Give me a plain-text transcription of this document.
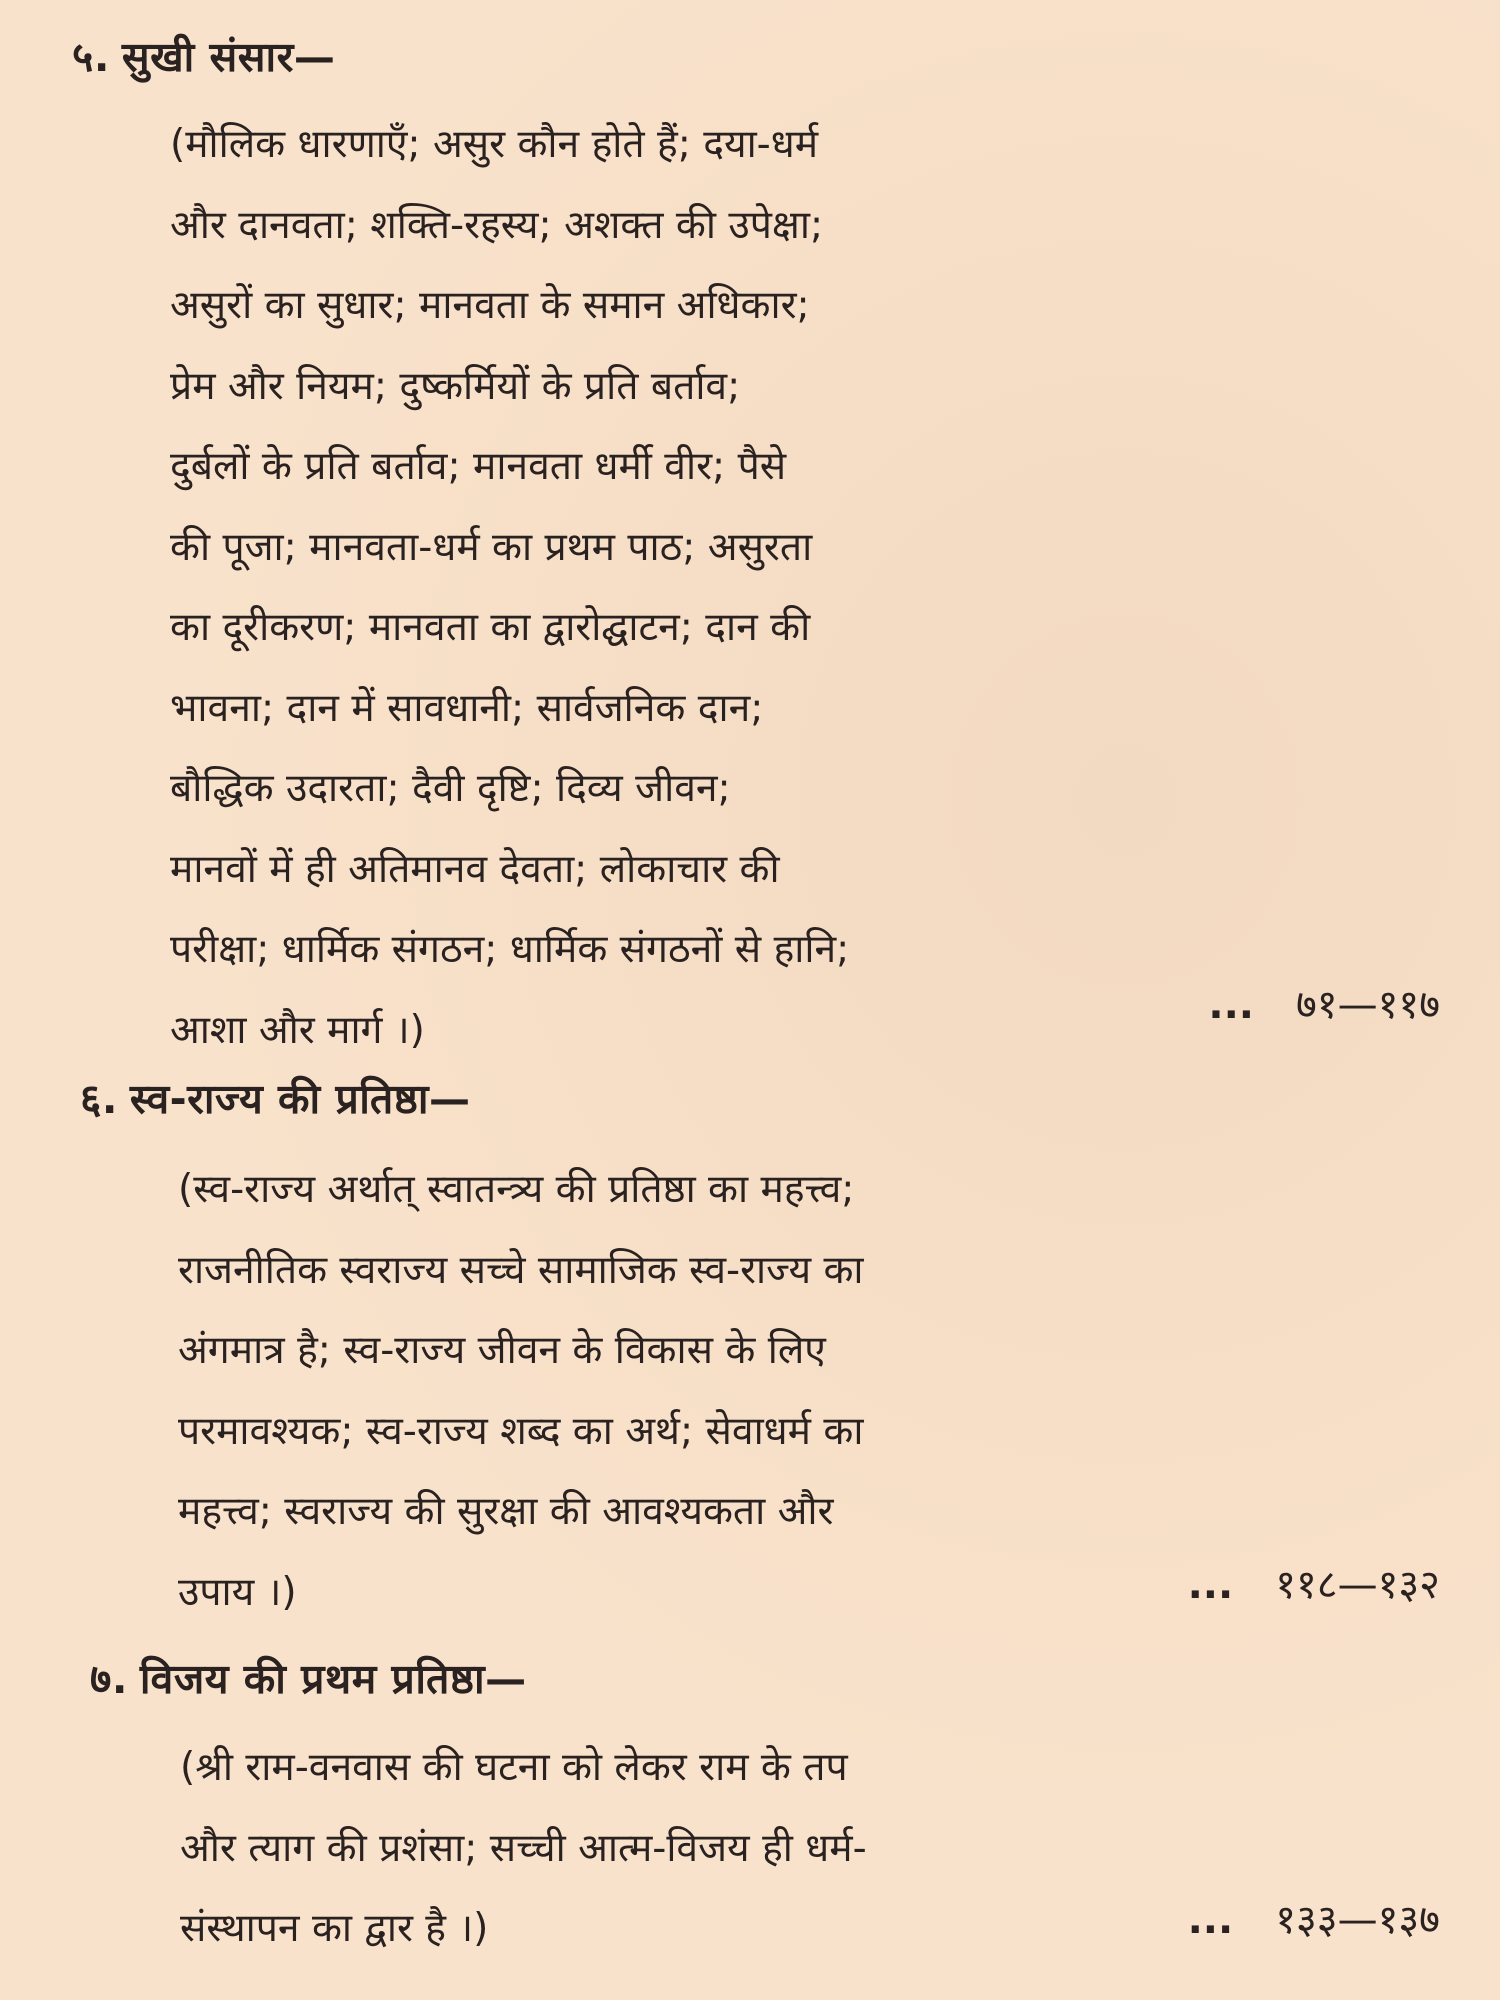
५. सुखी संसार—
(मौलिक धारणाएँ; असुर कौन होते हैं; दया-धर्म
और दानवता; शक्ति-रहस्य; अशक्त की उपेक्षा;
असुरों का सुधार; मानवता के समान अधिकार;
प्रेम और नियम; दुष्कर्मियों के प्रति बर्ताव;
दुर्बलों के प्रति बर्ताव; मानवता धर्मी वीर; पैसे
की पूजा; मानवता-धर्म का प्रथम पाठ; असुरता
का दूरीकरण; मानवता का द्वारोद्घाटन; दान की
भावना; दान में सावधानी; सार्वजनिक दान;
बौद्धिक उदारता; दैवी दृष्टि; दिव्य जीवन;
मानवों में ही अतिमानव देवता; लोकाचार की
परीक्षा; धार्मिक संगठन; धार्मिक संगठनों से हानि;
आशा और मार्ग ।)
... ७१—११७
६. स्व-राज्य की प्रतिष्ठा—
(स्व-राज्य अर्थात् स्वातन्त्र्य की प्रतिष्ठा का महत्त्व;
राजनीतिक स्वराज्य सच्चे सामाजिक स्व-राज्य का
अंगमात्र है; स्व-राज्य जीवन के विकास के लिए
परमावश्यक; स्व-राज्य शब्द का अर्थ; सेवाधर्म का
महत्त्व; स्वराज्य की सुरक्षा की आवश्यकता और
उपाय ।)	... ११८—१३२
७. विजय की प्रथम प्रतिष्ठा—
(श्री राम-वनवास की घटना को लेकर राम के तप
और त्याग की प्रशंसा; सच्ची आत्म-विजय ही धर्म-
संस्थापन का द्वार है ।)	... १३३—१३७
